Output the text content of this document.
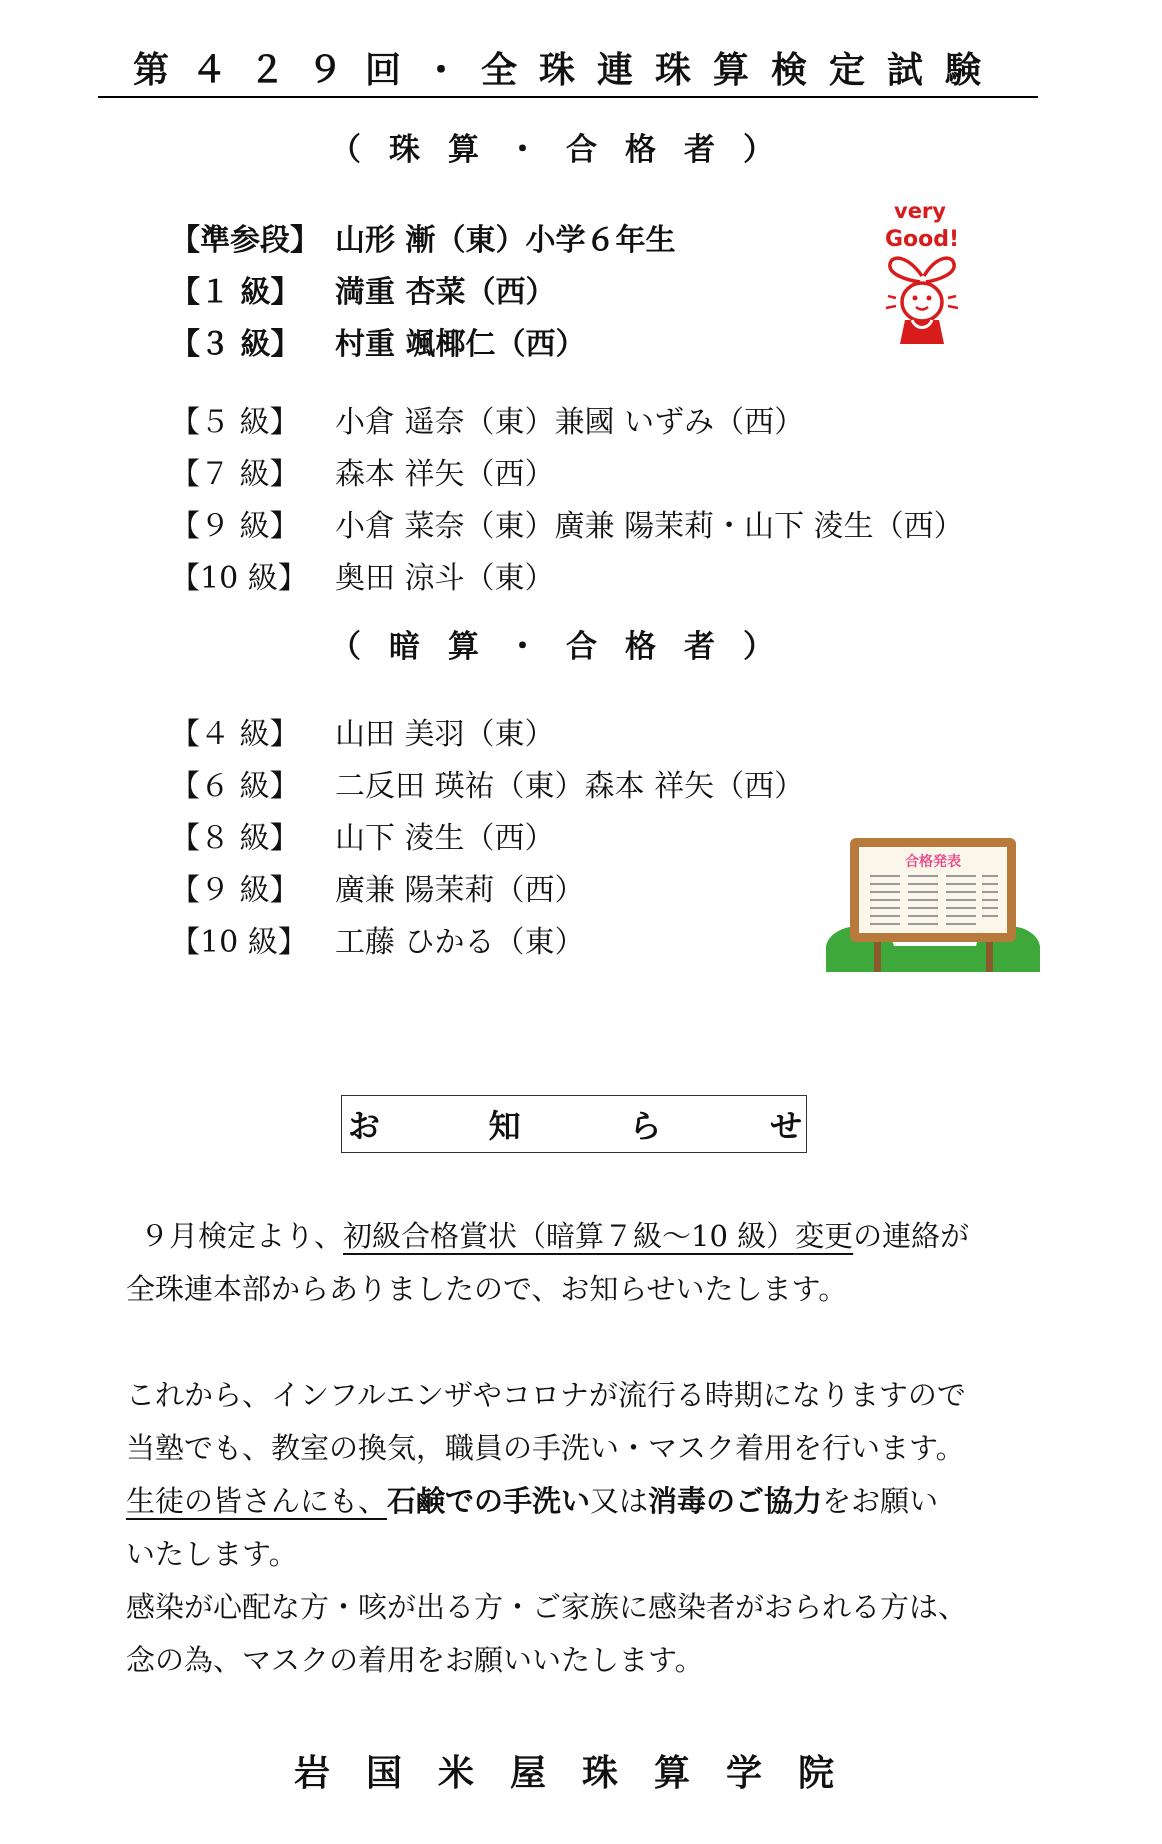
第４２９回・全珠連珠算検定試験
（珠算・合格者）
【準参段】 山形 漸（東）小学６年生
【１ 級】 満重 杏菜（西）
【３ 級】 村重 颯椰仁（西）
【５ 級】 小倉 遥奈（東）兼國 いずみ（西）
【７ 級】 森本 祥矢（西）
【９ 級】 小倉 菜奈（東）廣兼 陽茉莉・山下 淩生（西）
【10 級】 奥田 涼斗（東）
（暗算・合格者）
【４ 級】 山田 美羽（東）
【６ 級】 二反田 瑛祐（東）森本 祥矢（西）
【８ 級】 山下 淩生（西）
【９ 級】 廣兼 陽茉莉（西）
【10 級】 工藤 ひかる（東）
very
Good!
合格発表
お	知	ら	せ
９月検定より、初級合格賞状（暗算７級～10 級）変更の連絡が
全珠連本部からありましたので、お知らせいたします。
これから、インフルエンザやコロナが流行る時期になりますので
当塾でも、教室の換気，職員の手洗い・マスク着用を行います。
生徒の皆さんにも、石鹸での手洗い又は消毒のご協力をお願い
いたします。
感染が心配な方・咳が出る方・ご家族に感染者がおられる方は、
念の為、マスクの着用をお願いいたします。
岩国米屋珠算学院
